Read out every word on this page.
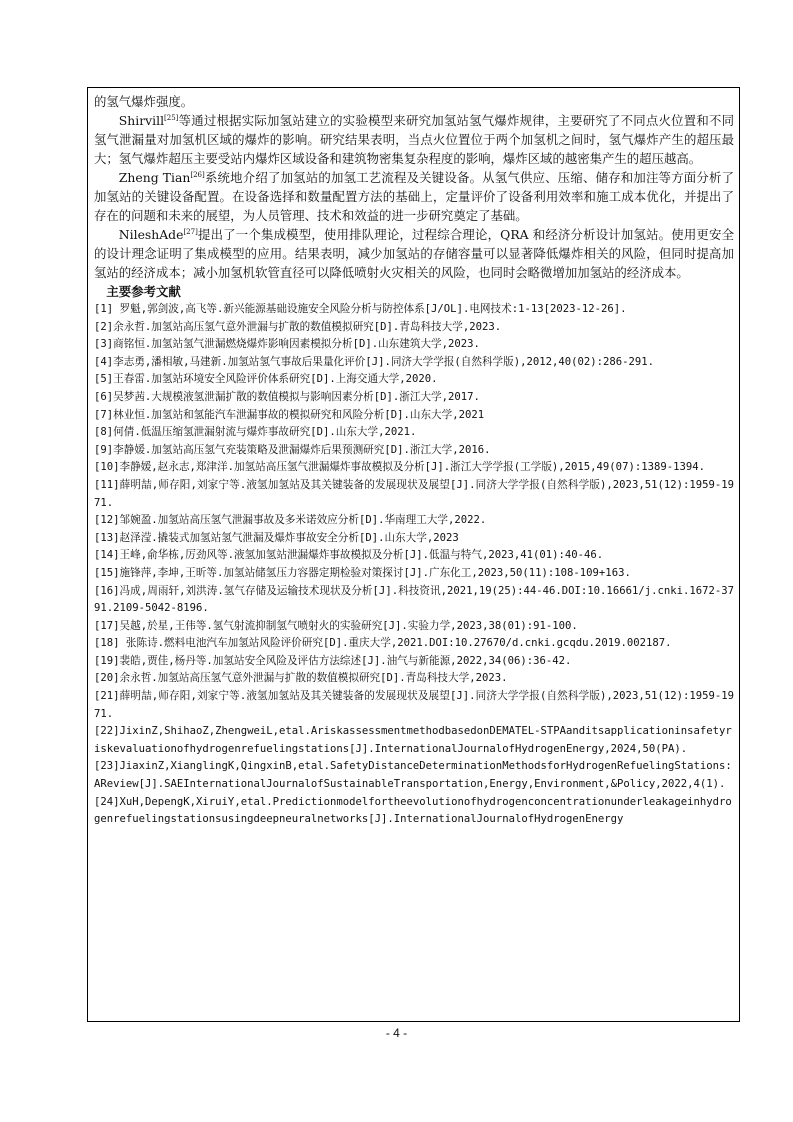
的氢气爆炸强度。

Shirvill[25]等通过根据实际加氢站建立的实验模型来研究加氢站氢气爆炸规律，主要研究了不同点火位置和不同氢气泄漏量对加氢机区域的爆炸的影响。研究结果表明，当点火位置位于两个加氢机之间时，氢气爆炸产生的超压最大；氢气爆炸超压主要受站内爆炸区域设备和建筑物密集复杂程度的影响，爆炸区域的越密集产生的超压越高。

Zheng Tian[26]系统地介绍了加氢站的加氢工艺流程及关键设备。从氢气供应、压缩、储存和加注等方面分析了加氢站的关键设备配置。在设备选择和数量配置方法的基础上，定量评价了设备利用效率和施工成本优化，并提出了存在的问题和未来的展望，为人员管理、技术和效益的进一步研究奠定了基础。

NileshAde[27]提出了一个集成模型，使用排队理论，过程综合理论，QRA 和经济分析设计加氢站。使用更安全的设计理念证明了集成模型的应用。结果表明，减少加氢站的存储容量可以显著降低爆炸相关的风险，但同时提高加氢站的经济成本；减小加氢机软管直径可以降低喷射火灾相关的风险，也同时会略微增加加氢站的经济成本。

主要参考文献

[1] 罗魁,郭剑波,高飞等.新兴能源基础设施安全风险分析与防控体系[J/OL].电网技术:1-13[2023-12-26].

[2]余永哲.加氢站高压氢气意外泄漏与扩散的数值模拟研究[D].青岛科技大学,2023.

[3]商铭恒.加氢站氢气泄漏燃烧爆炸影响因素模拟分析[D].山东建筑大学,2023.

[4]李志勇,潘相敏,马建新.加氢站氢气事故后果量化评价[J].同济大学学报(自然科学版),2012,40(02):286-291.

[5]王春雷.加氢站环境安全风险评价体系研究[D].上海交通大学,2020.

[6]吴梦茜.大规模液氢泄漏扩散的数值模拟与影响因素分析[D].浙江大学,2017.

[7]林业恒.加氢站和氢能汽车泄漏事故的模拟研究和风险分析[D].山东大学,2021

[8]何倩.低温压缩氢泄漏射流与爆炸事故研究[D].山东大学,2021.

[9]李静媛.加氢站高压氢气充装策略及泄漏爆炸后果预测研究[D].浙江大学,2016.

[10]李静媛,赵永志,郑津洋.加氢站高压氢气泄漏爆炸事故模拟及分析[J].浙江大学学报(工学版),2015,49(07):1389-1394.

[11]薛明喆,师存阳,刘家宁等.液氢加氢站及其关键装备的发展现状及展望[J].同济大学学报(自然科学版),2023,51(12):1959-1971.

[12]邹婉盈.加氢站高压氢气泄漏事故及多米诺效应分析[D].华南理工大学,2022.

[13]赵泽滢.撬装式加氢站氢气泄漏及爆炸事故安全分析[D].山东大学,2023

[14]王峰,俞华栋,厉劲风等.液氢加氢站泄漏爆炸事故模拟及分析[J].低温与特气,2023,41(01):40-46.

[15]施锋萍,李坤,王昕等.加氢站储氢压力容器定期检验对策探讨[J].广东化工,2023,50(11):108-109+163.

[16]冯成,周雨轩,刘洪涛.氢气存储及运输技术现状及分析[J].科技资讯,2021,19(25):44-46.DOI:10.16661/j.cnki.1672-3791.2109-5042-8196.

[17]吴越,於星,王伟等.氢气射流抑制氢气喷射火的实验研究[J].实验力学,2023,38(01):91-100.

[18] 张陈诗.燃料电池汽车加氢站风险评价研究[D].重庆大学,2021.DOI:10.27670/d.cnki.gcqdu.2019.002187.

[19]裴皓,贾佳,杨丹等.加氢站安全风险及评估方法综述[J].油气与新能源,2022,34(06):36-42.

[20]余永哲.加氢站高压氢气意外泄漏与扩散的数值模拟研究[D].青岛科技大学,2023.

[21]薛明喆,师存阳,刘家宁等.液氢加氢站及其关键装备的发展现状及展望[J].同济大学学报(自然科学版),2023,51(12):1959-1971.

[22]JixinZ,ShihaoZ,ZhengweiL,etal.AriskassessmentmethodbasedonDEMATEL-STPAanditsapplicationinsafetyriskevaluationofhydrogenrefuelingstations[J].InternationalJournalofHydrogenEnergy,2024,50(PA).

[23]JiaxinZ,XianglingK,QingxinB,etal.SafetyDistanceDeterminationMethodsforHydrogenRefuelingStations:AReview[J].SAEInternationalJournalofSustainableTransportation,Energy,Environment,&Policy,2022,4(1).

[24]XuH,DepengK,XiruiY,etal.Predictionmodelfortheevolutionofhydrogenconcentrationunderleakageinhydrogenrefuelingstationsusingdeepneuralnetworks[J].InternationalJournalofHydrogenEnergy

- 4 -
